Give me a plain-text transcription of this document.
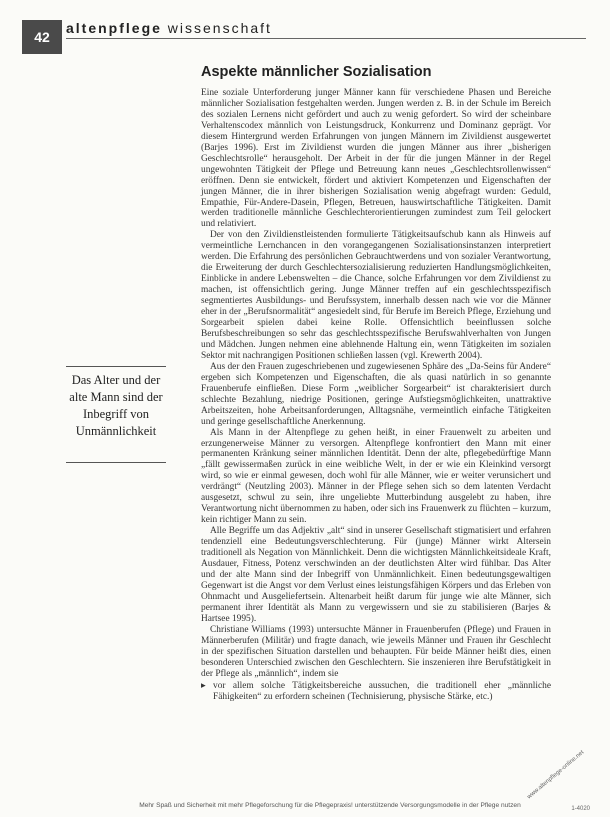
42
altenpflege wissenschaft
Aspekte männlicher Sozialisation

Eine soziale Unterforderung junger Männer kann für verschiedene Phasen und Bereiche männlicher Sozialisation festgehalten werden. Jungen werden z. B. in der Schule im Bereich des sozialen Lernens nicht gefördert und auch zu wenig gefordert. So wird der scheinbare Verhaltenscodex männlich von Leistungsdruck, Konkurrenz und Dominanz geprägt. Vor diesem Hintergrund werden Erfahrungen von jungen Männern im Zivildienst ausgewertet (Barjes 1996). Erst im Zivildienst wurden die jungen Männer aus ihrer „bisherigen Geschlechtsrolle“ herausgeholt. Der Arbeit in der für die jungen Männer in der Regel ungewohnten Tätigkeit der Pflege und Betreuung kann neues „Geschlechtsrollenwissen“ eröffnen. Denn sie entwickelt, fördert und aktiviert Kompetenzen und Eigenschaften der jungen Männer, die in ihrer bisherigen Sozialisation wenig abgefragt wurden: Geduld, Empathie, Für-Andere-Dasein, Pflegen, Betreuen, hauswirtschaftliche Tätigkeiten. Damit werden traditionelle männliche Geschlechterorientierungen zumindest zum Teil gelockert und relativiert.

Der von den Zivildienstleistenden formulierte Tätigkeitsaufschub kann als Hinweis auf vermeintliche Lernchancen in den vorangegangenen Sozialisationsinstanzen interpretiert werden. Die Erfahrung des persönlichen Gebrauchtwerdens und von sozialer Verantwortung, die Erweiterung der durch Geschlechtersozialisierung reduzierten Handlungsmöglichkeiten, Einblicke in andere Lebenswelten – die Chance, solche Erfahrungen vor dem Zivildienst zu machen, ist offensichtlich gering. Junge Männer treffen auf ein geschlechtsspezifisch segmentiertes Ausbildungs- und Berufssystem, innerhalb dessen nach wie vor die Männer eher in der „Berufsnormalität“ angesiedelt sind, für Berufe im Bereich Pflege, Erziehung und Sorgearbeit spielen dabei keine Rolle. Offensichtlich beeinflussen solche Berufsbeschreibungen so sehr das geschlechtsspezifische Berufswahlverhalten von Jungen und Mädchen. Jungen nehmen eine ablehnende Haltung ein, wenn Tätigkeiten im sozialen Sektor mit nachrangigen Positionen schließen lassen (vgl. Krewerth 2004).

Aus der den Frauen zugeschriebenen und zugewiesenen Sphäre des „Da-Seins für Andere“ ergeben sich Kompetenzen und Eigenschaften, die als quasi natürlich in so genannte Frauenberufe einfließen. Diese Form „weiblicher Sorgearbeit“ ist charakterisiert durch schlechte Bezahlung, niedrige Positionen, geringe Aufstiegsmöglichkeiten, unattraktive Arbeitszeiten, hohe Arbeitsanforderungen, Alltagsnähe, vermeintlich einfache Tätigkeiten und geringe gesellschaftliche Anerkennung.

Als Mann in der Altenpflege zu gehen heißt, in einer Frauenwelt zu arbeiten und erzungenerweise Männer zu versorgen. Altenpflege konfrontiert den Mann mit einer permanenten Kränkung seiner männlichen Identität. Denn der alte, pflegebedürftige Mann „fällt gewissermaßen zurück in eine weibliche Welt, in der er wie ein Kleinkind versorgt wird, so wie er einmal gewesen, doch wohl für alle Männer, wie er weiter verunsichert und verdrängt“ (Neutzling 2003). Männer in der Pflege sehen sich so dem latenten Verdacht ausgesetzt, schwul zu sein, ihre ungeliebte Mutterbindung ausgelebt zu haben, ihre Verantwortung nicht übernommen zu haben, oder sich ins Frauenwerk zu flüchten – kurzum, kein richtiger Mann zu sein.

Alle Begriffe um das Adjektiv „alt“ sind in unserer Gesellschaft stigmatisiert und erfahren tendenziell eine Bedeutungsverschlechterung. Für (junge) Männer wirkt Altersein traditionell als Negation von Männlichkeit. Denn die wichtigsten Männlichkeitsideale Kraft, Ausdauer, Fitness, Potenz verschwinden an der deutlichsten Alter wird fühlbar. Das Alter und der alte Mann sind der Inbegriff von Unmännlichkeit. Einen bedeutungsgewaltigen Gegenwart ist die Angst vor dem Verlust eines leistungsfähigen Körpers und das Erleben von Ohnmacht und Ausgeliefertsein. Altenarbeit heißt darum für junge wie alte Männer, sich permanent ihrer Identität als Mann zu vergewissern und sie zu stabilisieren (Barjes & Hartsee 1995).

Christiane Williams (1993) untersuchte Männer in Frauenberufen (Pflege) und Frauen in Männerberufen (Militär) und fragte danach, wie jeweils Männer und Frauen ihr Geschlecht in der spezifischen Situation darstellen und behaupten. Für beide Männer heißt dies, einen besonderen Unterschied zwischen den Geschlechtern. Sie inszenieren ihre Berufstätigkeit in der Pflege als „männlich“, indem sie

▸ vor allem solche Tätigkeitsbereiche aussuchen, die traditionell eher „männliche Fähigkeiten“ zu erfordern scheinen (Technisierung, physische Stärke, etc.)
Das Alter und der alte Mann sind der Inbegriff von Unmännlichkeit
Mehr Spaß und Sicherheit mit mehr Pflegeforschung für die Pflegepraxis! unterstützende Versorgungsmodelle in der Pflege nutzen
www.altenpflege-online.net
1-4020
